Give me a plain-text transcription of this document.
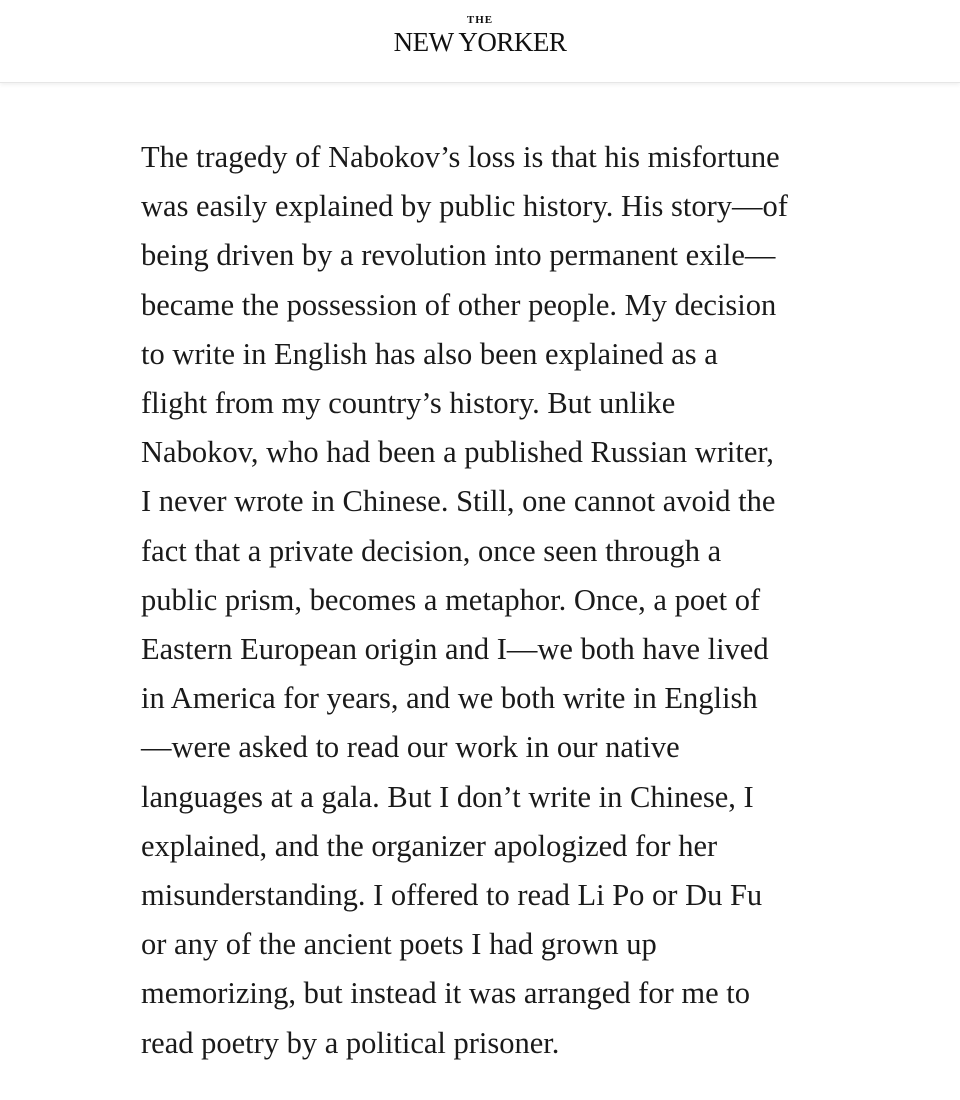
THE
NEW YORKER

The tragedy of Nabokov’s loss is that his misfortune
was easily explained by public history. His story—of
being driven by a revolution into permanent exile—
became the possession of other people. My decision
to write in English has also been explained as a
flight from my country’s history. But unlike
Nabokov, who had been a published Russian writer,
I never wrote in Chinese. Still, one cannot avoid the
fact that a private decision, once seen through a
public prism, becomes a metaphor. Once, a poet of
Eastern European origin and I—we both have lived
in America for years, and we both write in English
—were asked to read our work in our native
languages at a gala. But I don’t write in Chinese, I
explained, and the organizer apologized for her
misunderstanding. I offered to read Li Po or Du Fu
or any of the ancient poets I had grown up
memorizing, but instead it was arranged for me to
read poetry by a political prisoner.
